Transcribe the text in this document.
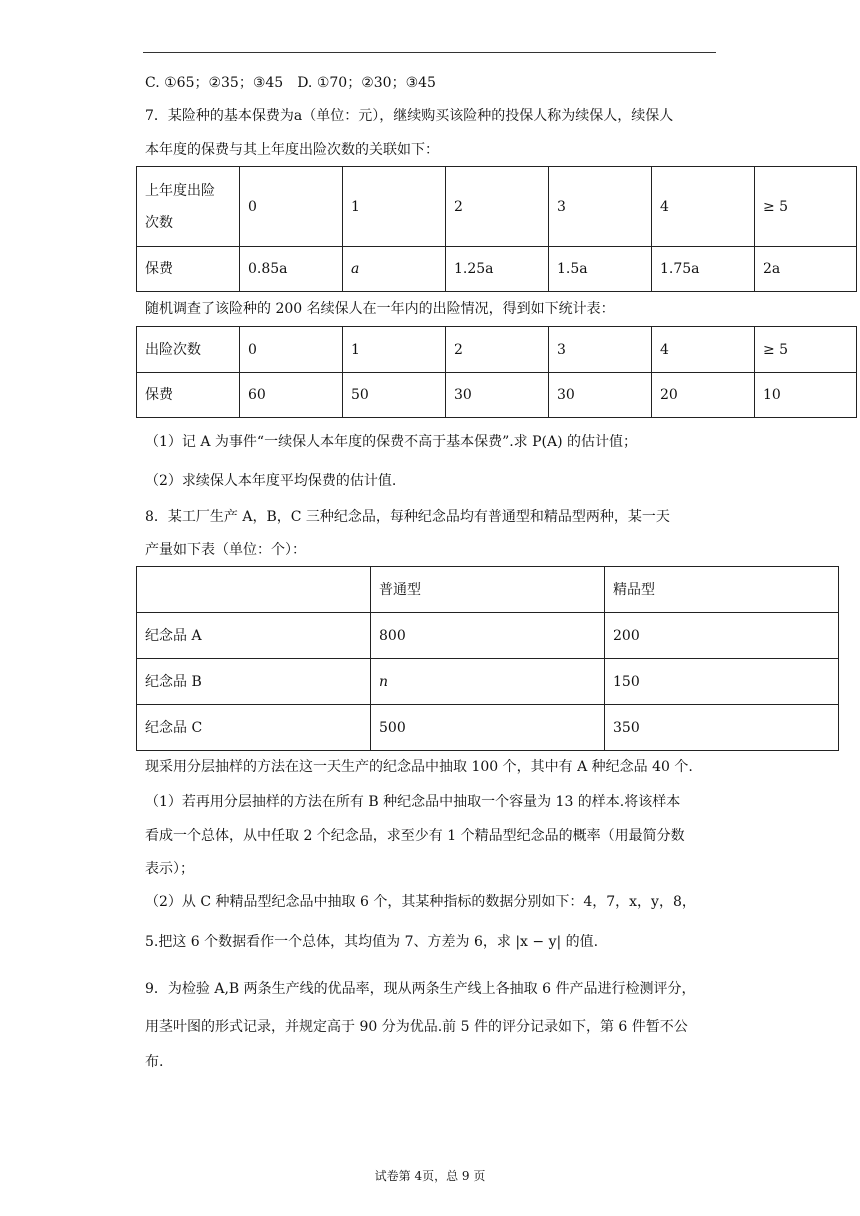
C. ①65；②35；③45　D. ①70；②30；③45
7．某险种的基本保费为a（单位：元），继续购买该险种的投保人称为续保人，续保人
本年度的保费与其上年度出险次数的关联如下：
上年度出险
次数	0	1	2	3	4	≥ 5
保费	0.85a	a	1.25a	1.5a	1.75a	2a
随机调查了该险种的 200 名续保人在一年内的出险情况，得到如下统计表：
出险次数	0	1	2	3	4	≥ 5
保费	60	50	30	30	20	10
（1）记 A 为事件“一续保人本年度的保费不高于基本保费”.求 P(A) 的估计值；
（2）求续保人本年度平均保费的估计值.
8．某工厂生产 A，B，C 三种纪念品，每种纪念品均有普通型和精品型两种，某一天
产量如下表（单位：个）：
	普通型	精品型
纪念品 A	800	200
纪念品 B	n	150
纪念品 C	500	350
现采用分层抽样的方法在这一天生产的纪念品中抽取 100 个，其中有 A 种纪念品 40 个.
（1）若再用分层抽样的方法在所有 B 种纪念品中抽取一个容量为 13 的样本.将该样本
看成一个总体，从中任取 2 个纪念品，求至少有 1 个精品型纪念品的概率（用最简分数
表示）；
（2）从 C 种精品型纪念品中抽取 6 个，其某种指标的数据分别如下：4，7，x，y，8，
5.把这 6 个数据看作一个总体，其均值为 7、方差为 6，求 |x − y| 的值.
9．为检验 A,B 两条生产线的优品率，现从两条生产线上各抽取 6 件产品进行检测评分，
用茎叶图的形式记录，并规定高于 90 分为优品.前 5 件的评分记录如下，第 6 件暂不公
布.
试卷第 4页，总 9 页
